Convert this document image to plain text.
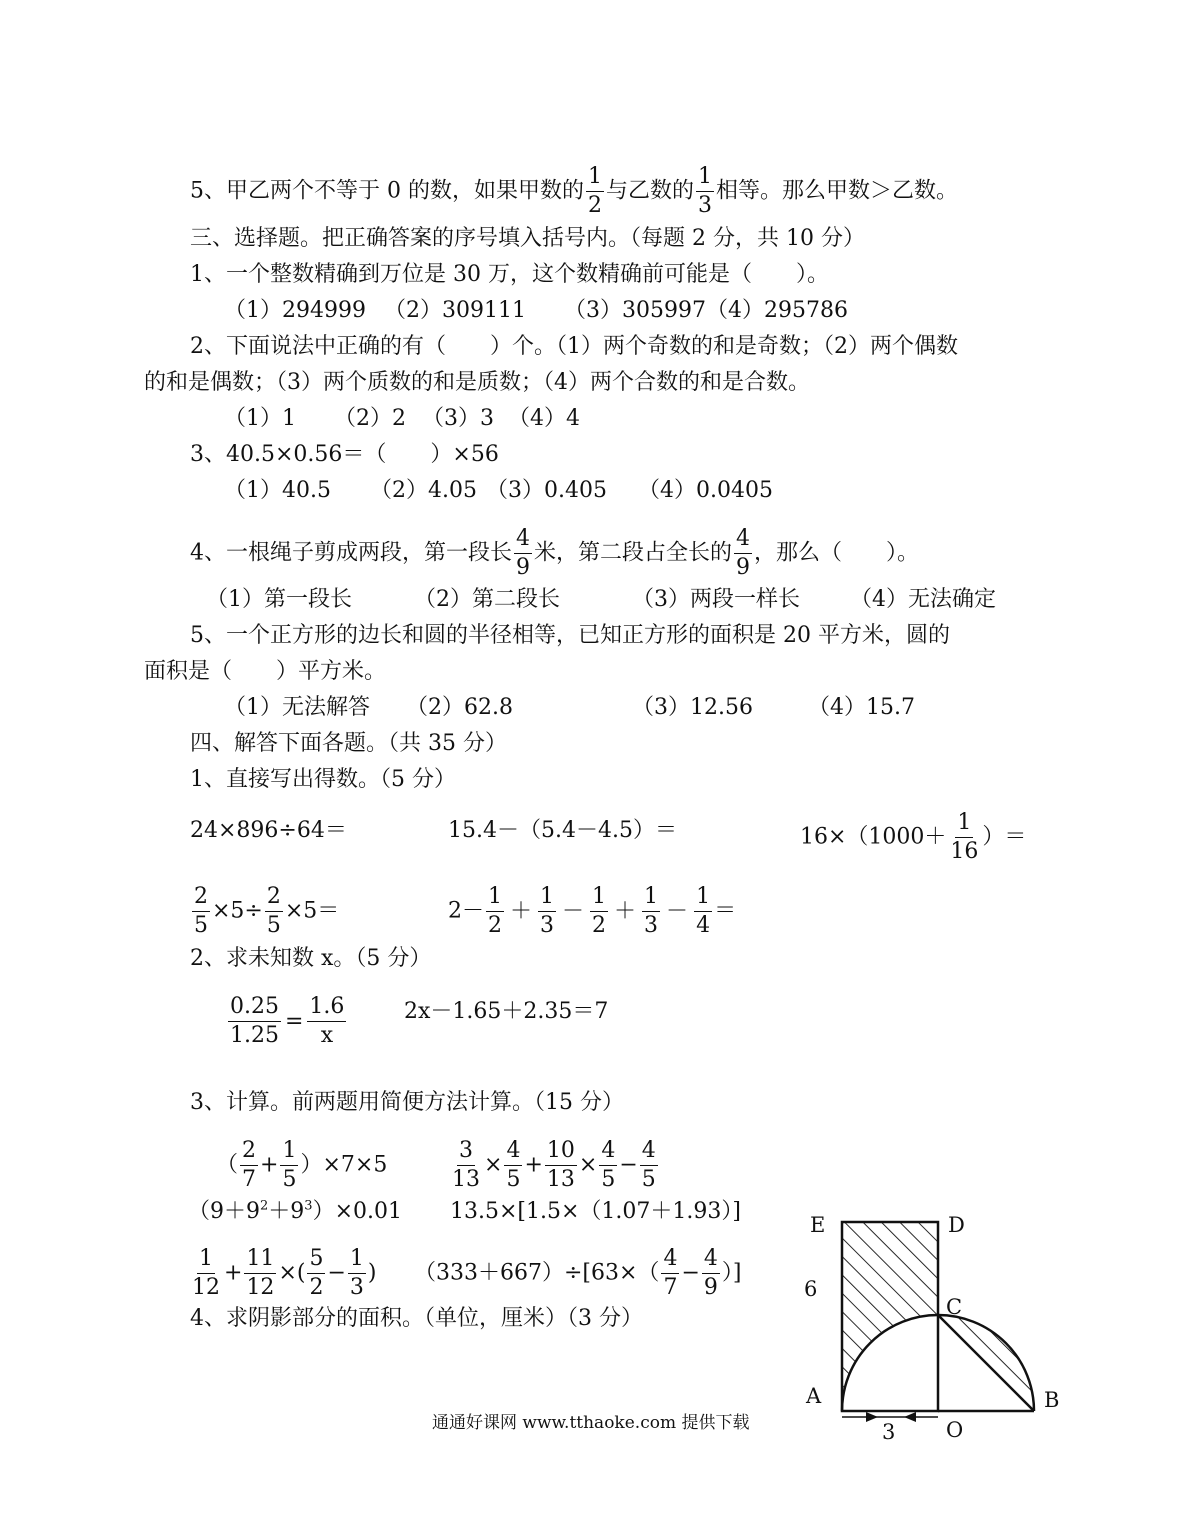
5、甲乙两个不等于 0 的数，如果甲数的 $\frac{1}{2}$ 与乙数的 $\frac{1}{3}$ 相等。那么甲数＞乙数。
三、选择题。把正确答案的序号填入括号内。（每题 2 分，共 10 分）
1、一个整数精确到万位是 30 万，这个数精确前可能是（　　）。
（1）294999 （2）309111 （3）305997（4）295786
2、下面说法中正确的有（　　）个。（1）两个奇数的和是奇数；（2）两个偶数
的和是偶数；（3）两个质数的和是质数；（4）两个合数的和是合数。
（1）1 （2）2 （3）3 （4）4
3、40.5×0.56＝（　　）×56
（1）40.5 （2）4.05 （3）0.405 （4）0.0405
4、一根绳子剪成两段，第一段长 $\frac{4}{9}$ 米，第二段占全长的 $\frac{4}{9}$ ，那么（　　）。
（1）第一段长	（2）第二段长	（3）两段一样长 （4）无法确定
5、一个正方形的边长和圆的半径相等，已知正方形的面积是 20 平方米，圆的
面积是（　　）平方米。
（1）无法解答 （2）62.8	（3）12.56	（4）15.7
四、解答下面各题。（共 35 分）
1、直接写出得数。（5 分）
24×896÷64＝	15.4－（5.4－4.5）＝	$16\times(1000+ \frac{1}{16}$ ）＝
$\frac{2}{5} \times 5\div \frac{2}{5} \times 5=$	$2- \frac{1}{2} + \frac{1}{3} - \frac{1}{2} + \frac{1}{3} - \frac{1}{4}$ ＝
2、求未知数 x。（5 分）
$\frac{0.25}{1.25} = \frac{1.6}{x}$	2x－1.65＋2.35＝7
3、计算。前两题用简便方法计算。（15 分）
（ $\frac{2}{7} + \frac{1}{5} )\times 7\times 5$	$\frac{3}{13} \times \frac{4}{5} + \frac{10}{13} \times \frac{4}{5} - \frac{4}{5}$
$(9+9^2+9^3)\times 0.01$ 13.5×[1.5×（1.07＋1.93）]
$\frac{1}{12} + \frac{11}{12}$ ×( $\frac{5}{2} - \frac{1}{3}$ ) $(333+667)\div[63\times( \frac{4}{7} - \frac{4}{9}$ ）]
4、求阴影部分的面积。（单位，厘米）（3 分）
E	D
6
C
A	B
3 O
通通好课网 www.tthaoke.com 提供下载
